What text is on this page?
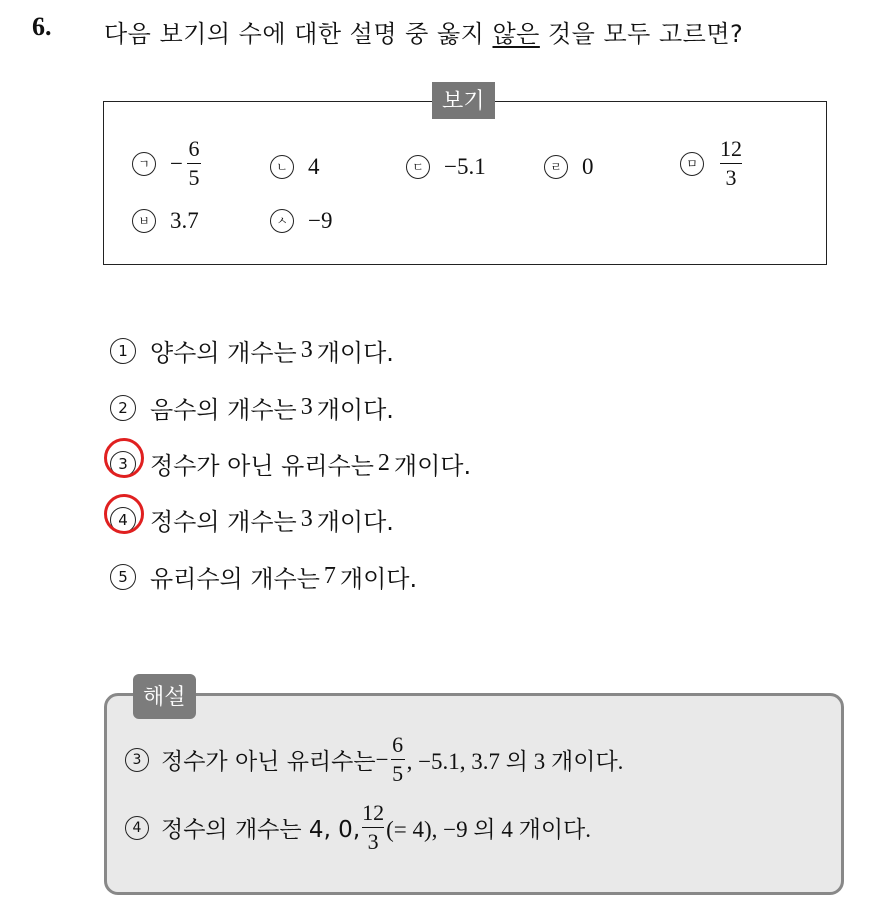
6. 다음 보기의 수에 대한 설명 중 옳지 않은 것을 모두 고르면?
보기
ㄱ − $\frac{6}{5}$	ㄴ 4	ㄷ −5.1	ㄹ 0	ㅁ $\frac{12}{3}$
ㅂ 3.7	ㅅ −9
1 양수의 개수는 3 개이다.
2 음수의 개수는 3 개이다.
3 정수가 아닌 유리수는 2 개이다.
4 정수의 개수는 3 개이다.
5 유리수의 개수는 7 개이다.
해설
3 정수가 아닌 유리수는 − $\frac{6}{5}$ , −5.1, 3.7 의 3 개이다.
4 정수의 개수는 4, 0, $\frac{12}{3}$ (= 4), −9 의 4 개이다.
